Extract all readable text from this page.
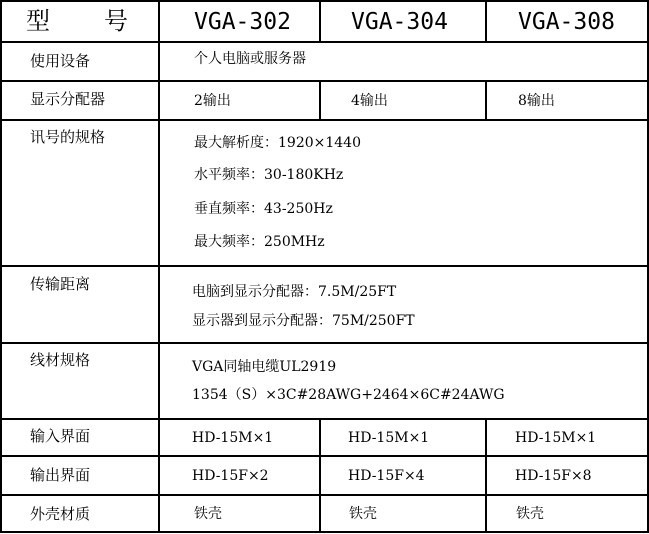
型 号	VGA-302	VGA-304	VGA-308
使用设备	个人电脑或服务器
显示分配器	2输出	4输出	8输出
讯号的规格	最大解析度：1920×1440
水平频率：30-180KHz
垂直频率：43-250Hz
最大频率：250MHz
传输距离	电脑到显示分配器：7.5M/25FT
显示器到显示分配器：75M/250FT
线材规格	VGA同轴电缆UL2919
1354（S）×3C#28AWG+2464×6C#24AWG
输入界面	HD-15M×1	HD-15M×1	HD-15M×1
输出界面	HD-15F×2	HD-15F×4	HD-15F×8
外壳材质	铁壳	铁壳	铁壳
